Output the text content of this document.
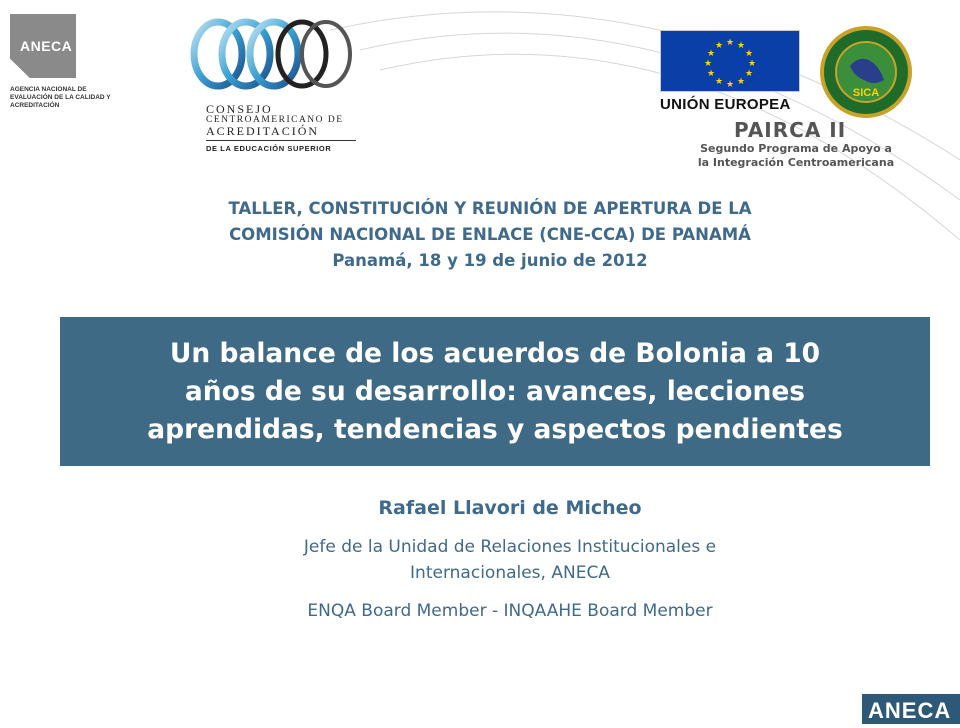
ANECA
AGENCIA NACIONAL DE EVALUACIÓN DE LA CALIDAD Y ACREDITACIÓN	CONSEJO
CENTROAMERICANO DE
ACREDITACIÓN
DE LA EDUCACIÓN SUPERIOR
★ ★
★
★
★
★
★
★
★
★
★
★
UNIÓN EUROPEA
SICA
PAIRCA II
Segundo Programa de Apoyo a
la Integración Centroamericana
TALLER, CONSTITUCIÓN Y REUNIÓN DE APERTURA DE LA
COMISIÓN NACIONAL DE ENLACE (CNE-CCA) DE PANAMÁ
Panamá, 18 y 19 de junio de 2012
Un balance de los acuerdos de Bolonia a 10
años de su desarrollo: avances, lecciones
aprendidas, tendencias y aspectos pendientes
Rafael Llavori de Micheo
Jefe de la Unidad de Relaciones Institucionales e
Internacionales, ANECA
ENQA Board Member - INQAAHE Board Member
ANECA
